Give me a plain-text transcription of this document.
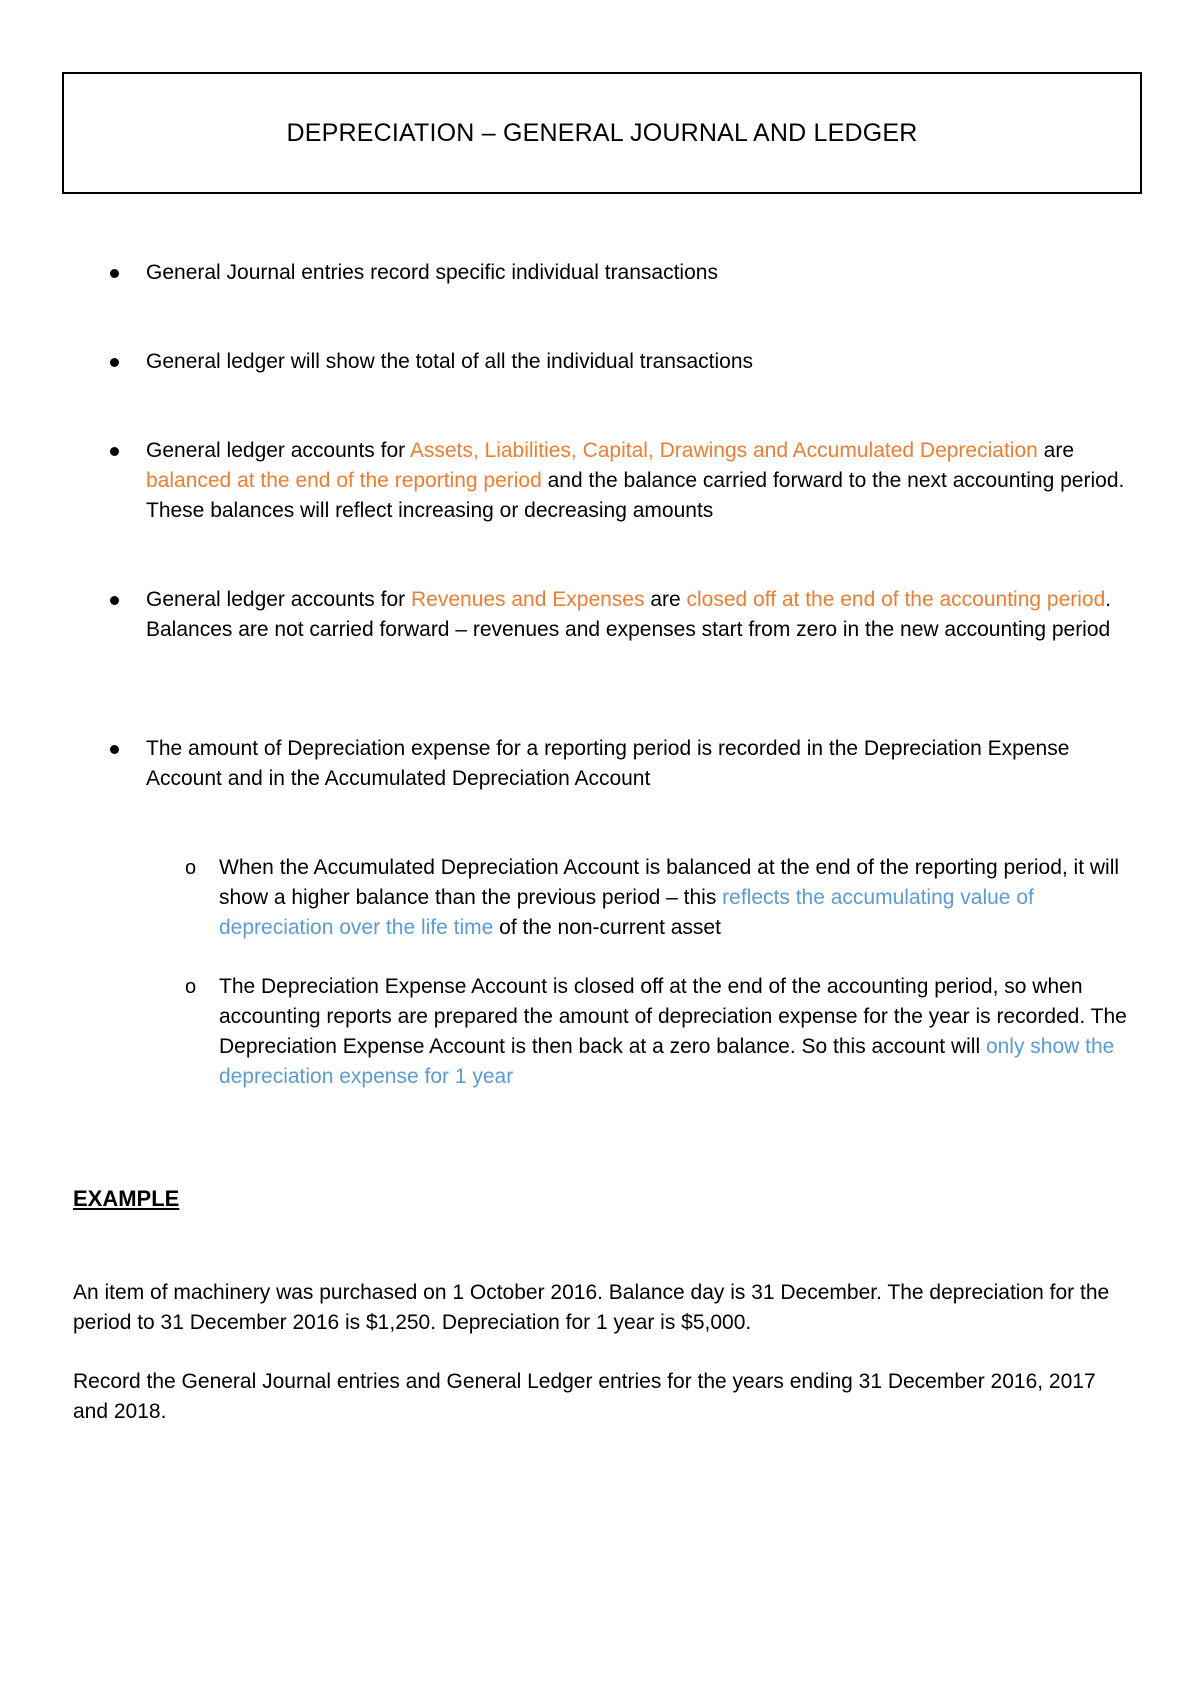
DEPRECIATION – GENERAL JOURNAL AND LEDGER
General Journal entries record specific individual transactions
General ledger will show the total of all the individual transactions
General ledger accounts for Assets, Liabilities, Capital, Drawings and Accumulated Depreciation are balanced at the end of the reporting period and the balance carried forward to the next accounting period. These balances will reflect increasing or decreasing amounts
General ledger accounts for Revenues and Expenses are closed off at the end of the accounting period. Balances are not carried forward – revenues and expenses start from zero in the new accounting period
The amount of Depreciation expense for a reporting period is recorded in the Depreciation Expense Account and in the Accumulated Depreciation Account
o When the Accumulated Depreciation Account is balanced at the end of the reporting period, it will show a higher balance than the previous period – this reflects the accumulating value of depreciation over the life time of the non-current asset
o The Depreciation Expense Account is closed off at the end of the accounting period, so when accounting reports are prepared the amount of depreciation expense for the year is recorded. The Depreciation Expense Account is then back at a zero balance. So this account will only show the depreciation expense for 1 year
EXAMPLE
An item of machinery was purchased on 1 October 2016. Balance day is 31 December. The depreciation for the period to 31 December 2016 is $1,250. Depreciation for 1 year is $5,000.
Record the General Journal entries and General Ledger entries for the years ending 31 December 2016, 2017 and 2018.
